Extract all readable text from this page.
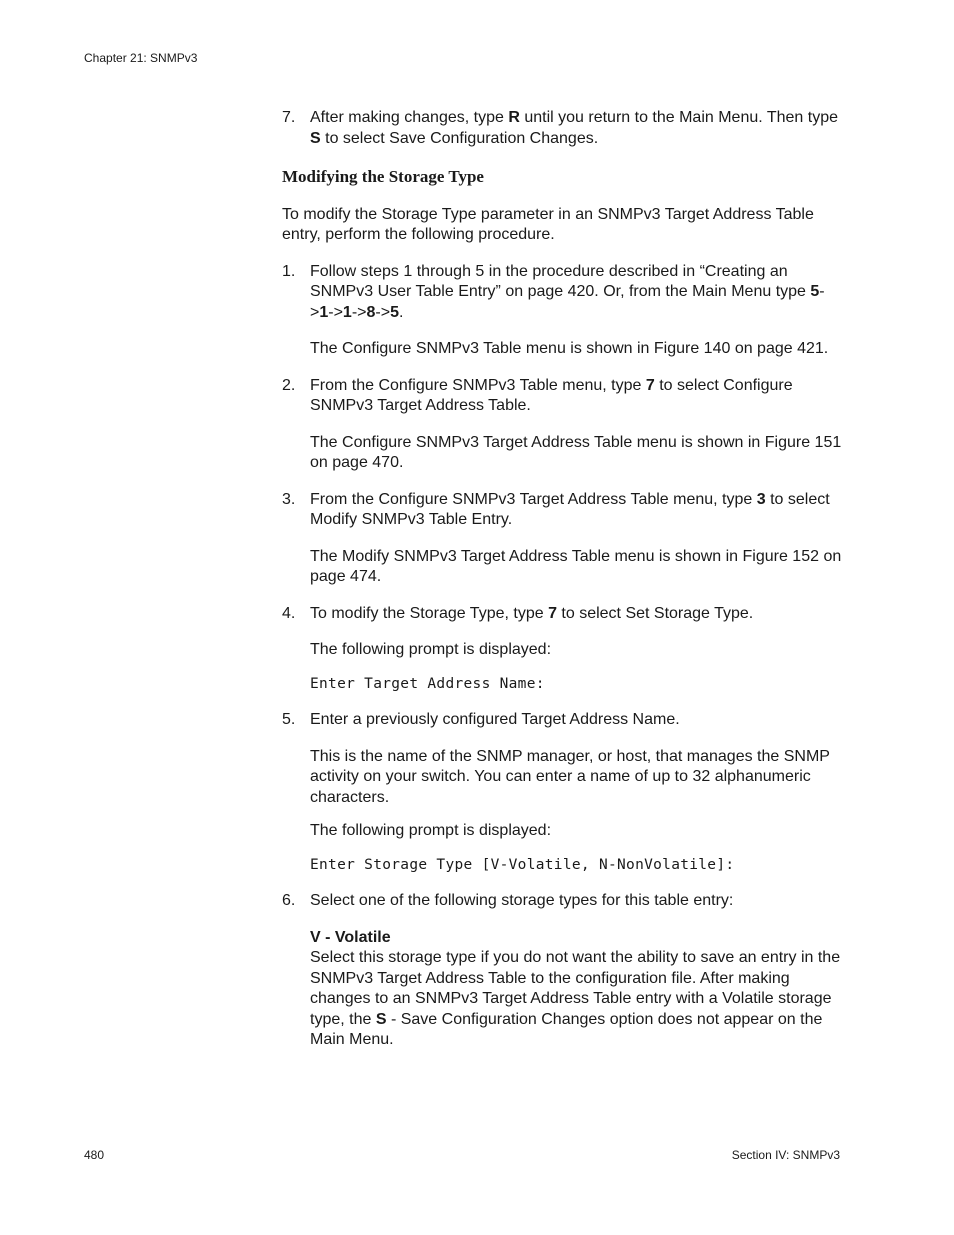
Chapter 21: SNMPv3
7. After making changes, type R until you return to the Main Menu. Then type S to select Save Configuration Changes.
Modifying the Storage Type
To modify the Storage Type parameter in an SNMPv3 Target Address Table entry, perform the following procedure.
1. Follow steps 1 through 5 in the procedure described in “Creating an SNMPv3 User Table Entry” on page 420. Or, from the Main Menu type 5->1->1->8->5.
The Configure SNMPv3 Table menu is shown in Figure 140 on page 421.
2. From the Configure SNMPv3 Table menu, type 7 to select Configure SNMPv3 Target Address Table.
The Configure SNMPv3 Target Address Table menu is shown in Figure 151 on page 470.
3. From the Configure SNMPv3 Target Address Table menu, type 3 to select Modify SNMPv3 Table Entry.
The Modify SNMPv3 Target Address Table menu is shown in Figure 152 on page 474.
4. To modify the Storage Type, type 7 to select Set Storage Type.
The following prompt is displayed:
Enter Target Address Name:
5. Enter a previously configured Target Address Name.
This is the name of the SNMP manager, or host, that manages the SNMP activity on your switch. You can enter a name of up to 32 alphanumeric characters.
The following prompt is displayed:
Enter Storage Type [V-Volatile, N-NonVolatile]:
6. Select one of the following storage types for this table entry:
V - Volatile
Select this storage type if you do not want the ability to save an entry in the SNMPv3 Target Address Table to the configuration file. After making changes to an SNMPv3 Target Address Table entry with a Volatile storage type, the S - Save Configuration Changes option does not appear on the Main Menu.
480	Section IV: SNMPv3
